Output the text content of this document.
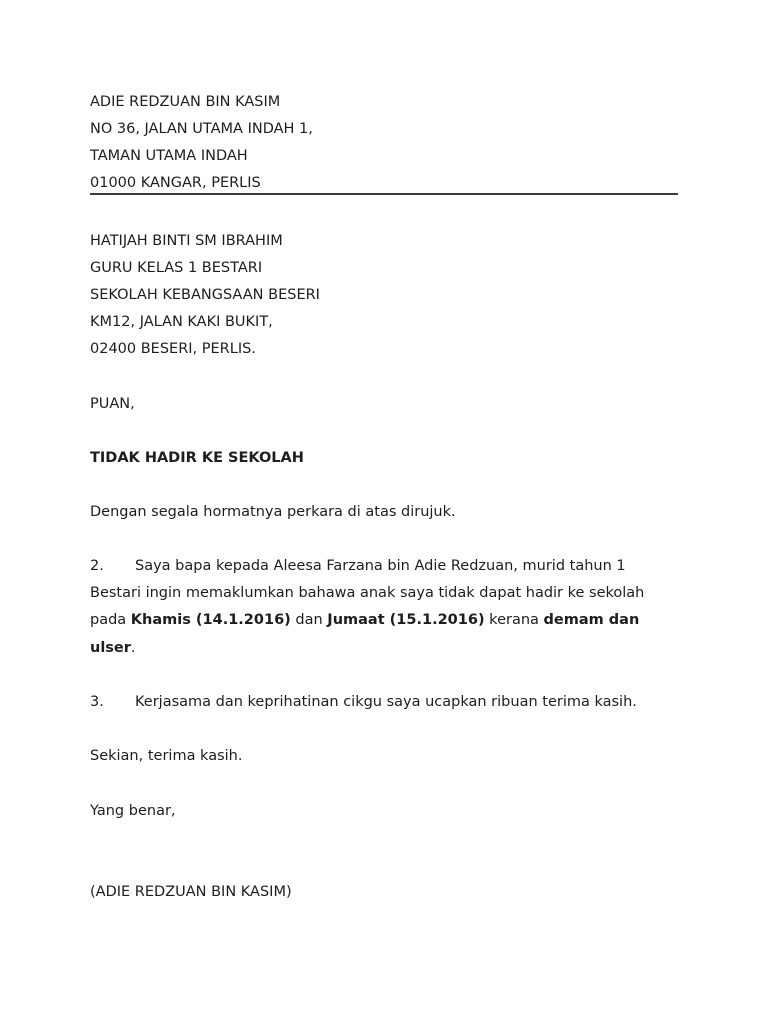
ADIE REDZUAN BIN KASIM
NO 36, JALAN UTAMA INDAH 1,
TAMAN UTAMA INDAH
01000 KANGAR, PERLIS
HATIJAH BINTI SM IBRAHIM
GURU KELAS 1 BESTARI
SEKOLAH KEBANGSAAN BESERI
KM12, JALAN KAKI BUKIT,
02400 BESERI, PERLIS.
PUAN,
TIDAK HADIR KE SEKOLAH
Dengan segala hormatnya perkara di atas dirujuk.
2. Saya bapa kepada Aleesa Farzana bin Adie Redzuan, murid tahun 1
Bestari ingin memaklumkan bahawa anak saya tidak dapat hadir ke sekolah
pada Khamis (14.1.2016) dan Jumaat (15.1.2016) kerana demam dan
ulser.
3. Kerjasama dan keprihatinan cikgu saya ucapkan ribuan terima kasih.
Sekian, terima kasih.
Yang benar,
(ADIE REDZUAN BIN KASIM)
